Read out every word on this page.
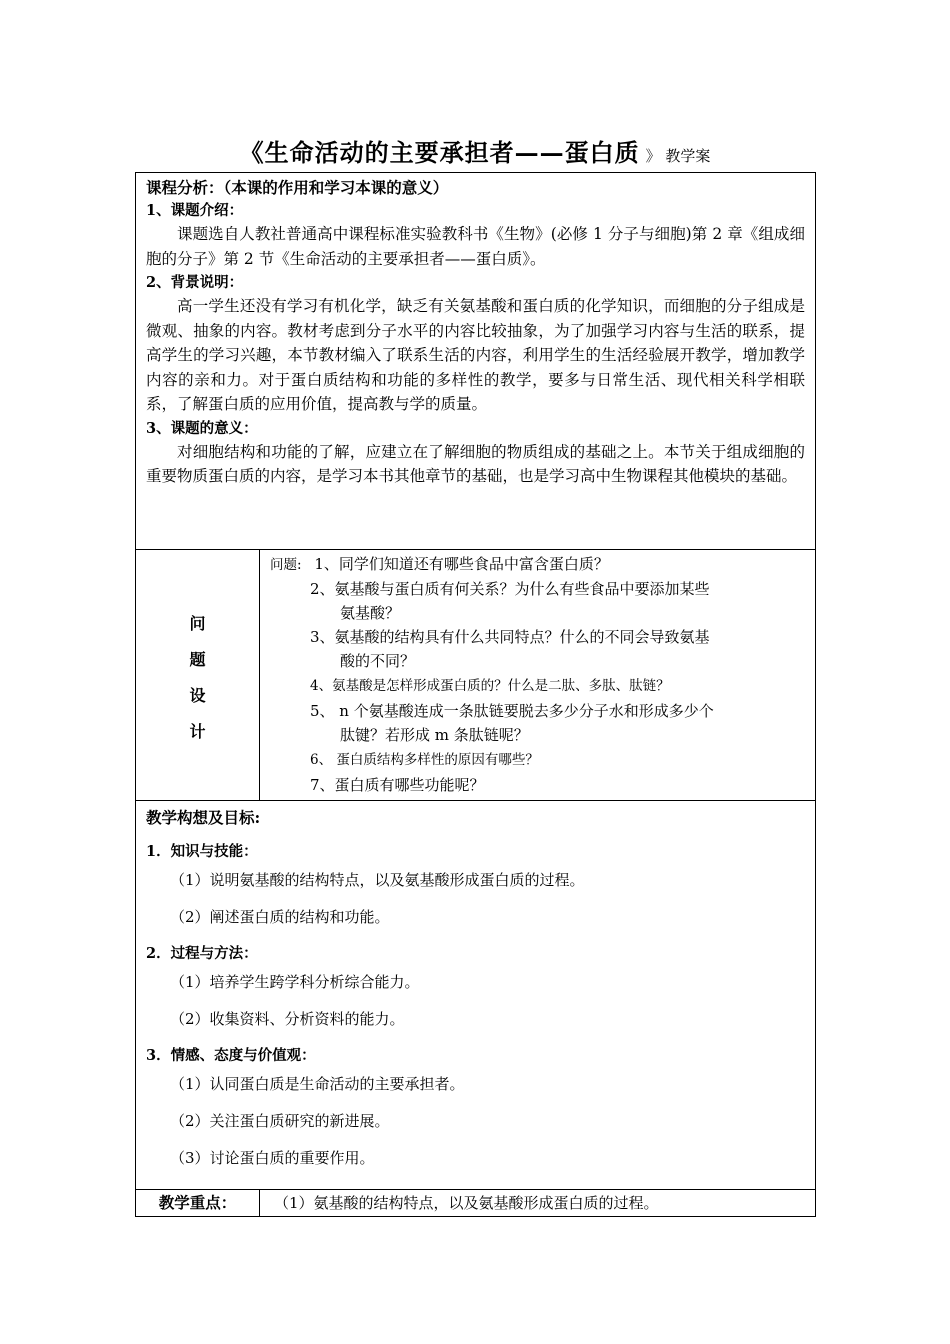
《生命活动的主要承担者——蛋白质 》 教学案
课程分析：（本课的作用和学习本课的意义）
1、课题介绍：
课题选自人教社普通高中课程标准实验教科书《生物》(必修 1 分子与细胞)第 2 章《组成细胞的分子》第 2 节《生命活动的主要承担者——蛋白质》。
2、背景说明：
高一学生还没有学习有机化学，缺乏有关氨基酸和蛋白质的化学知识，而细胞的分子组成是微观、抽象的内容。教材考虑到分子水平的内容比较抽象，为了加强学习内容与生活的联系，提高学生的学习兴趣，本节教材编入了联系生活的内容，利用学生的生活经验展开教学，增加教学内容的亲和力。对于蛋白质结构和功能的多样性的教学，要多与日常生活、现代相关科学相联系，了解蛋白质的应用价值，提高教与学的质量。
3、课题的意义：
对细胞结构和功能的了解，应建立在了解细胞的物质组成的基础之上。本节关于组成细胞的重要物质蛋白质的内容，是学习本书其他章节的基础，也是学习高中生物课程其他模块的基础。
问
题
设
计
问题: 1、同学们知道还有哪些食品中富含蛋白质？
2、氨基酸与蛋白质有何关系？为什么有些食品中要添加某些
氨基酸？
3、氨基酸的结构具有什么共同特点？什么的不同会导致氨基
酸的不同？
4、氨基酸是怎样形成蛋白质的？什么是二肽、多肽、肽链？
5、 n 个氨基酸连成一条肽链要脱去多少分子水和形成多少个
肽键？若形成 m 条肽链呢？
6、 蛋白质结构多样性的原因有哪些？
7、蛋白质有哪些功能呢？
教学构想及目标:
1．知识与技能：
（1）说明氨基酸的结构特点，以及氨基酸形成蛋白质的过程。
（2）阐述蛋白质的结构和功能。
2．过程与方法：
（1）培养学生跨学科分析综合能力。
（2）收集资料、分析资料的能力。
3．情感、态度与价值观：
（1）认同蛋白质是生命活动的主要承担者。
（2）关注蛋白质研究的新进展。
（3）讨论蛋白质的重要作用。
教学重点：	（1）氨基酸的结构特点，以及氨基酸形成蛋白质的过程。
